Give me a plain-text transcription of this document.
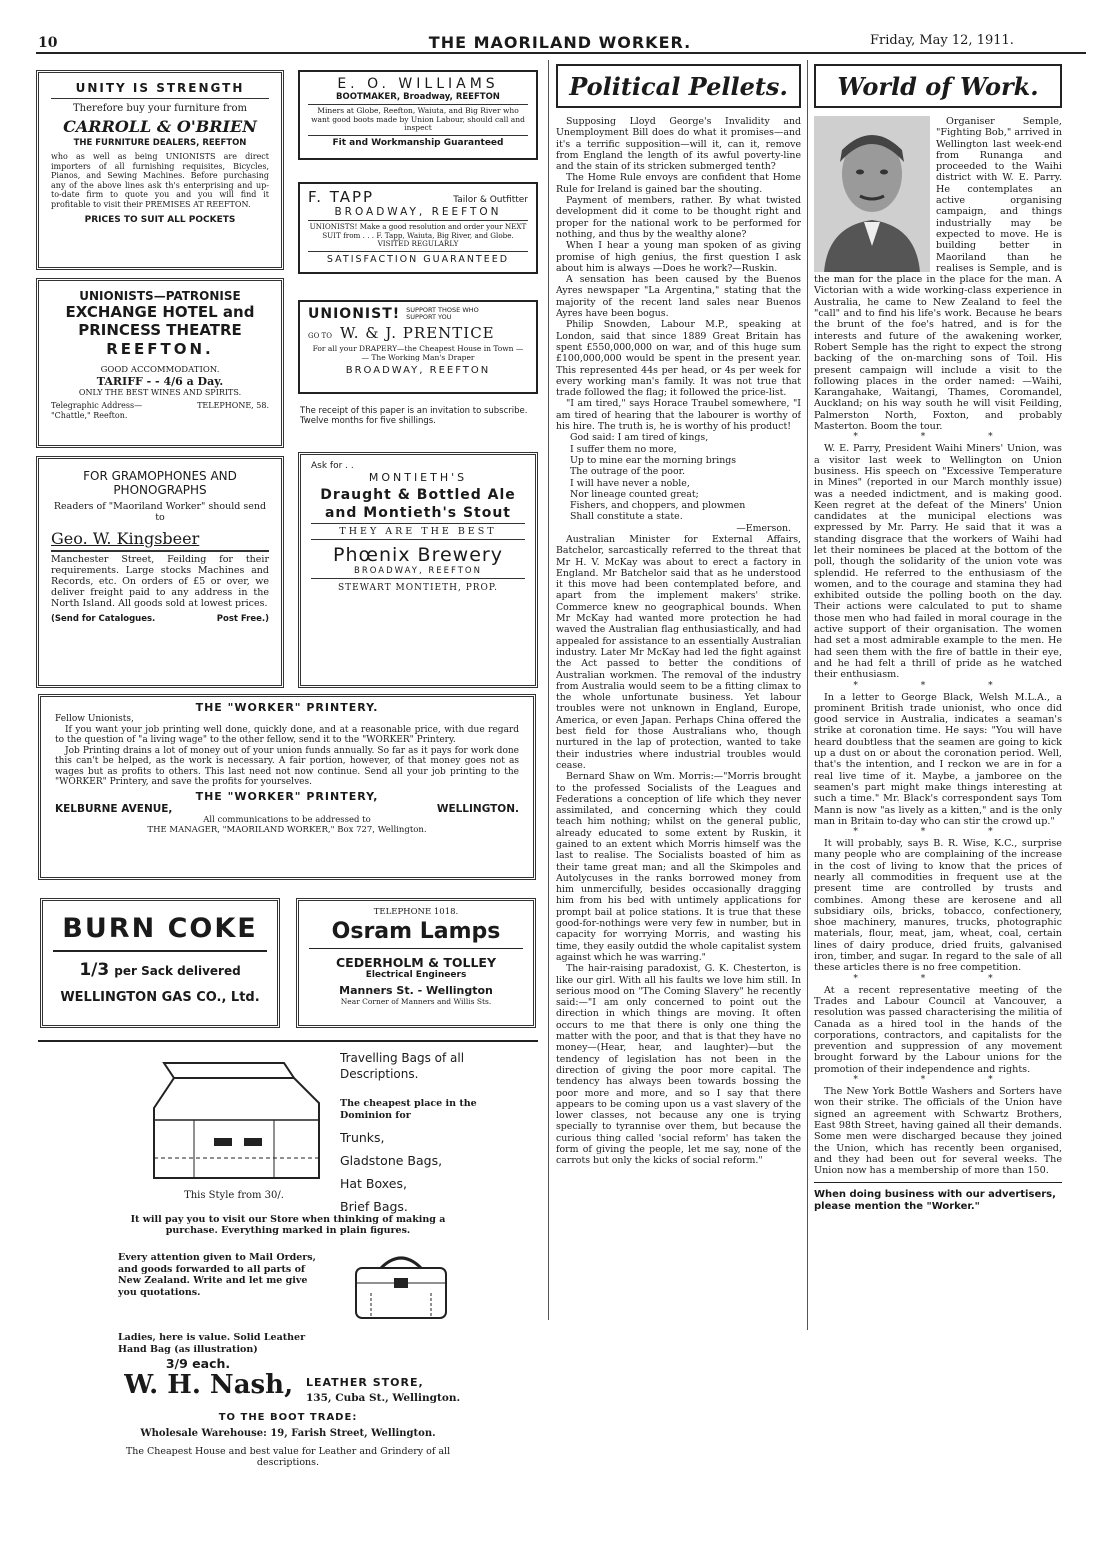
10	THE MAORILAND WORKER.	Friday, May 12, 1911.
UNITY IS STRENGTH
Therefore buy your furniture from
CARROLL & O'BRIEN
THE FURNITURE DEALERS, REEFTON
who as well as being UNIONISTS are direct importers of all furnishing requisites, Bicycles, Pianos, and Sewing Machines. Before purchasing any of the above lines ask th's enterprising and up-to-date firm to quote you and you will find it profitable to visit their PREMISES AT REEFTON.
PRICES TO SUIT ALL POCKETS
UNIONISTS—PATRONISE
EXCHANGE HOTEL and
PRINCESS THEATRE
REEFTON.
GOOD ACCOMMODATION.
TARIFF - - 4/6 a Day.
ONLY THE BEST WINES AND SPIRITS.
Telegraphic Address— "Chattle," Reefton.
TELEPHONE, 58.
FOR GRAMOPHONES AND PHONOGRAPHS
Readers of "Maoriland Worker" should send to
Geo. W. Kingsbeer
Manchester Street, Feilding for their requirements. Large stocks Machines and Records, etc. On orders of £5 or over, we deliver freight paid to any address in the North Island. All goods sold at lowest prices.
(Send for Catalogues.	Post Free.)
E. O. WILLIAMS
BOOTMAKER, Broadway, REEFTON
Miners at Globe, Reefton, Waiuta, and Big River who want good boots made by Union Labour, should call and inspect
Fit and Workmanship Guaranteed
F. TAPP	Tailor & Outfitter
BROADWAY, REEFTON
UNIONISTS! Make a good resolution and order your NEXT SUIT from . . . F. Tapp, Waiuta, Big River, and Globe. VISITED REGULARLY
SATISFACTION GUARANTEED
UNIONIST! SUPPORT THOSE WHO SUPPORT YOU
GO TO W. & J. PRENTICE
For all your DRAPERY—the Cheapest House in Town — — The Working Man's Draper
BROADWAY, REEFTON
The receipt of this paper is an invitation to subscribe. Twelve months for five shillings.
Ask for . .
MONTIETH'S
Draught & Bottled Ale
and Montieth's Stout
THEY ARE THE BEST
Phœnix Brewery
BROADWAY, REEFTON
STEWART MONTIETH, PROP.
THE "WORKER" PRINTERY.
Fellow Unionists,

If you want your job printing well done, quickly done, and at a reasonable price, with due regard to the question of "a living wage" to the other fellow, send it to the "WORKER" Printery.

Job Printing drains a lot of money out of your union funds annually. So far as it pays for work done this can't be helped, as the work is necessary. A fair portion, however, of that money goes not as wages but as profits to others. This last need not now continue. Send all your job printing to the "WORKER" Printery, and save the profits for yourselves.

THE "WORKER" PRINTERY,
KELBURNE AVENUE,	WELLINGTON.
All communications to be addressed to
THE MANAGER, "MAORILAND WORKER," Box 727, Wellington.
BURN COKE
1/3 per Sack delivered
WELLINGTON GAS CO., Ltd.
TELEPHONE 1018.
Osram Lamps
CEDERHOLM & TOLLEY
Electrical Engineers
Manners St. - Wellington
Near Corner of Manners and Willis Sts.
This Style from 30/.
Travelling Bags of all Descriptions.
The cheapest place in the Dominion for
Trunks,
Gladstone Bags,
Hat Boxes,
Brief Bags.
It will pay you to visit our Store when thinking of making a purchase. Everything marked in plain figures.
Every attention given to Mail Orders, and goods forwarded to all parts of New Zealand. Write and let me give you quotations.
Ladies, here is value. Solid Leather Hand Bag (as illustration)
3/9 each.
W. H. Nash,	LEATHER STORE,
135, Cuba St., Wellington.
TO THE BOOT TRADE:
Wholesale Warehouse: 19, Farish Street, Wellington.
The Cheapest House and best value for Leather and Grindery of all descriptions.
Political Pellets.

Supposing Lloyd George's Invalidity and Unemployment Bill does do what it promises—and it's a terrific supposition—will it, can it, remove from England the length of its awful poverty-line and the stain of its stricken submerged tenth?

The Home Rule envoys are confident that Home Rule for Ireland is gained bar the shouting.

Payment of members, rather. By what twisted development did it come to be thought right and proper for the national work to be performed for nothing, and thus by the wealthy alone?

When I hear a young man spoken of as giving promise of high genius, the first question I ask about him is always —Does he work?—Ruskin.

A sensation has been caused by the Buenos Ayres newspaper "La Argentina," stating that the majority of the recent land sales near Buenos Ayres have been bogus.

Philip Snowden, Labour M.P., speaking at London, said that since 1889 Great Britain has spent £550,000,000 on war, and of this huge sum £100,000,000 would be spent in the present year. This represented 44s per head, or 4s per week for every working man's family. It was not true that trade followed the flag; it followed the price-list.

"I am tired," says Horace Traubel somewhere, "I am tired of hearing that the labourer is worthy of his hire. The truth is, he is worthy of his product!

God said: I am tired of kings,
I suffer them no more,
Up to mine ear the morning brings
The outrage of the poor.
I will have never a noble,
Nor lineage counted great;
Fishers, and choppers, and plowmen
Shall constitute a state.
—Emerson.

Australian Minister for External Affairs, Batchelor, sarcastically referred to the threat that Mr H. V. McKay was about to erect a factory in England. Mr Batchelor said that as he understood it this move had been contemplated before, and apart from the implement makers' strike. Commerce knew no geographical bounds. When Mr McKay had wanted more protection he had waved the Australian flag enthusiastically, and had appealed for assistance to an essentially Australian industry. Later Mr McKay had led the fight against the Act passed to better the conditions of Australian workmen. The removal of the industry from Australia would seem to be a fitting climax to the whole unfortunate business. Yet labour troubles were not unknown in England, Europe, America, or even Japan. Perhaps China offered the best field for those Australians who, though nurtured in the lap of protection, wanted to take their industries where industrial troubles would cease.

Bernard Shaw on Wm. Morris:—"Morris brought to the professed Socialists of the Leagues and Federations a conception of life which they never assimilated, and concerning which they could teach him nothing; whilst on the general public, already educated to some extent by Ruskin, it gained to an extent which Morris himself was the last to realise. The Socialists boasted of him as their tame great man; and all the Skimpoles and Autolycuses in the ranks borrowed money from him unmercifully, besides occasionally dragging him from his bed with untimely applications for prompt bail at police stations. It is true that these good-for-nothings were very few in number, but in capacity for worrying Morris, and wasting his time, they easily outdid the whole capitalist system against which he was warring."

The hair-raising paradoxist, G. K. Chesterton, is like our girl. With all his faults we love him still. In serious mood on "The Coming Slavery" he recently said:—"I am only concerned to point out the direction in which things are moving. It often occurs to me that there is only one thing the matter with the poor, and that is that they have no money—(Hear, hear, and laughter)—but the tendency of legislation has not been in the direction of giving the poor more capital. The tendency has always been towards bossing the poor more and more, and so I say that there appears to be coming upon us a vast slavery of the lower classes, not because any one is trying specially to tyrannise over them, but because the curious thing called 'social reform' has taken the form of giving the people, let me say, none of the carrots but only the kicks of social reform."

World of Work.

Organiser Semple, "Fighting Bob," arrived in Wellington last week-end from Runanga and proceeded to the Waihi district with W. E. Parry. He contemplates an active organising campaign, and things industrially may be expected to move. He is building better in Maoriland than he realises is Semple, and is the man for the place in the place for the man. A Victorian with a wide working-class experience in Australia, he came to New Zealand to feel the "call" and to find his life's work. Because he bears the brunt of the foe's hatred, and is for the interests and future of the awakening worker, Robert Semple has the right to expect the strong backing of the on-marching sons of Toil. His present campaign will include a visit to the following places in the order named: —Waihi, Karangahake, Waitangi, Thames, Coromandel, Auckland; on his way south he will visit Feilding, Palmerston North, Foxton, and probably Masterton. Boom the tour.

* * *

W. E. Parry, President Waihi Miners' Union, was a visitor last week to Wellington on Union business. His speech on "Excessive Temperature in Mines" (reported in our March monthly issue) was a needed indictment, and is making good. Keen regret at the defeat of the Miners' Union candidates at the municipal elections was expressed by Mr. Parry. He said that it was a standing disgrace that the workers of Waihi had let their nominees be placed at the bottom of the poll, though the solidarity of the union vote was splendid. He referred to the enthusiasm of the women, and to the courage and stamina they had exhibited outside the polling booth on the day. Their actions were calculated to put to shame those men who had failed in moral courage in the active support of their organisation. The women had set a most admirable example to the men. He had seen them with the fire of battle in their eye, and he had felt a thrill of pride as he watched their enthusiasm.

* * *

In a letter to George Black, Welsh M.L.A., a prominent British trade unionist, who once did good service in Australia, indicates a seaman's strike at coronation time. He says: "You will have heard doubtless that the seamen are going to kick up a dust on or about the coronation period. Well, that's the intention, and I reckon we are in for a real live time of it. Maybe, a jamboree on the seamen's part might make things interesting at such a time." Mr. Black's correspondent says Tom Mann is now "as lively as a kitten," and is the only man in Britain to-day who can stir the crowd up."

* * *

It will probably, says B. R. Wise, K.C., surprise many people who are complaining of the increase in the cost of living to know that the prices of nearly all commodities in frequent use at the present time are controlled by trusts and combines. Among these are kerosene and all subsidiary oils, bricks, tobacco, confectionery, shoe machinery, manures, trucks, photographic materials, flour, meat, jam, wheat, coal, certain lines of dairy produce, dried fruits, galvanised iron, timber, and sugar. In regard to the sale of all these articles there is no free competition.

* * *

At a recent representative meeting of the Trades and Labour Council at Vancouver, a resolution was passed characterising the militia of Canada as a hired tool in the hands of the corporations, contractors, and capitalists for the prevention and suppression of any movement brought forward by the Labour unions for the promotion of their independence and rights.

* * *

The New York Bottle Washers and Sorters have won their strike. The officials of the Union have signed an agreement with Schwartz Brothers, East 98th Street, having gained all their demands. Some men were discharged because they joined the Union, which has recently been organised, and they had been out for several weeks. The Union now has a membership of more than 150.

When doing business with our advertisers, please mention the "Worker."
